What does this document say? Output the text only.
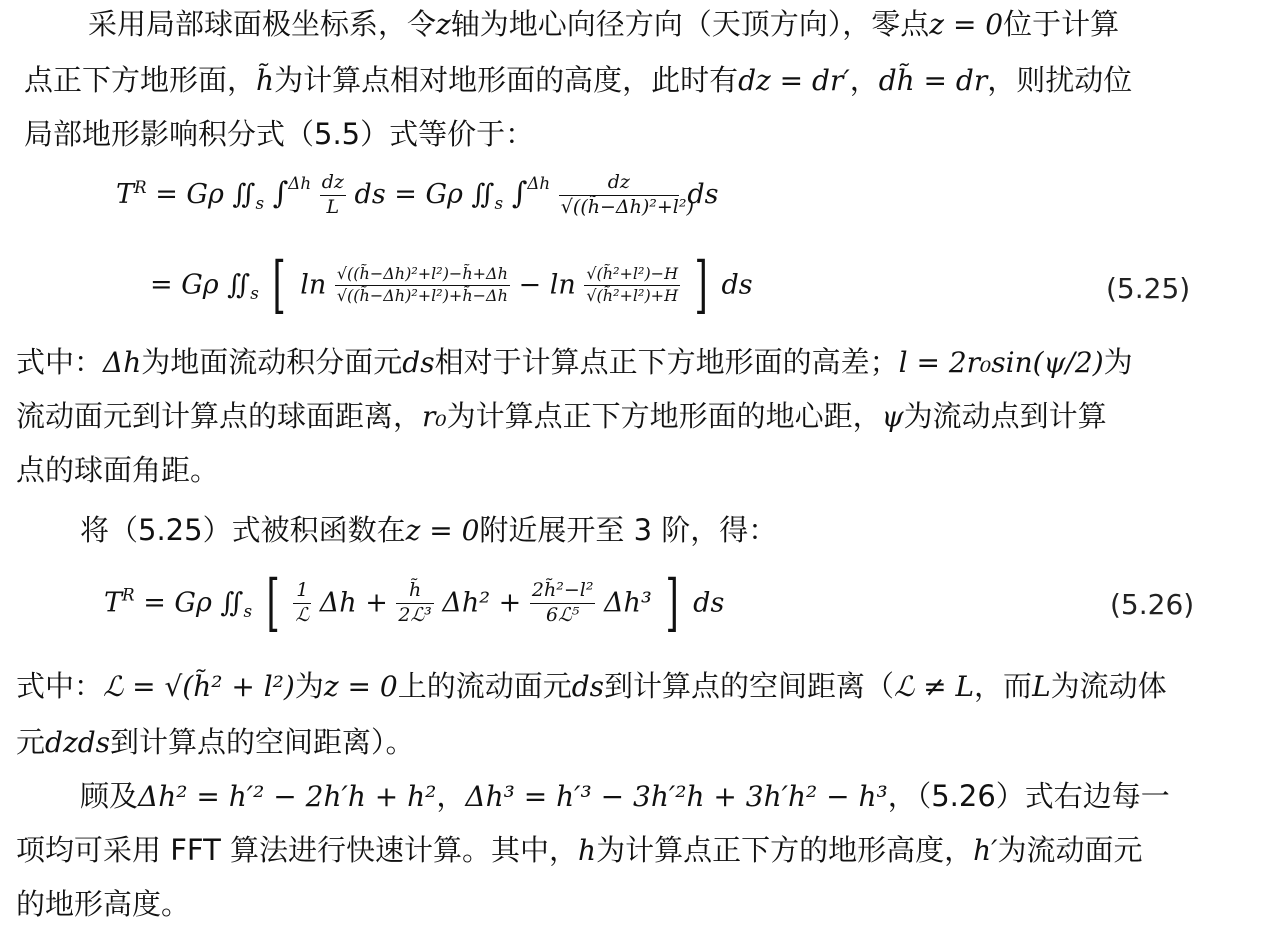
采用局部球面极坐标系，令z轴为地心向径方向（天顶方向），零点z = 0位于计算
点正下方地形面，h̃为计算点相对地形面的高度，此时有dz = dr′，dh̃ = dr，则扰动位
局部地形影响积分式（5.5）式等价于：
$T^R = G\rho$ $∬_s$ $\int^{\Delta h} \frac{dz}{L}$ ds = Gρ $∬_s$ $\int^{\Delta h} \frac{dz}{\text{√((h̃−Δh)²+l²)}}$ ds
= Gρ $∬_s$ [ $\ln \frac{\text{√((h̃−Δh)²+l²)−h̃+Δh}}{\text{√((h̃−Δh)²+l²)+h̃−Δh}} - \ln \frac{\text{√(h̃²+l²)−H}}{\text{√(h̃²+l²)+H}}$ ] ds	(5.25)
式中：Δh为地面流动积分面元ds相对于计算点正下方地形面的高差；l = 2r₀sin(ψ/2)为
流动面元到计算点的球面距离，r₀为计算点正下方地形面的地心距，ψ为流动点到计算
点的球面角距。
将（5.25）式被积函数在z = 0附近展开至 3 阶，得：
$T^R = G\rho$ $∬_s$ [ $\frac{1}{\text{ℒ}}$ $\Delta h + \frac{h̃}{\text{2ℒ³}} \Delta h^2 + \frac{\text{2h̃²−l²}}{\text{6ℒ⁵}} \Delta h^3$ ] ds	(5.26)
式中：ℒ = √(h̃² + l²)为z = 0上的流动面元ds到计算点的空间距离（ℒ ≠ L，而L为流动体
元dzds到计算点的空间距离）。
顾及Δh² = h′² − 2h′h + h²，Δh³ = h′³ − 3h′²h + 3h′h² − h³，（5.26）式右边每一
项均可采用 FFT 算法进行快速计算。其中，h为计算点正下方的地形高度，h′为流动面元
的地形高度。
